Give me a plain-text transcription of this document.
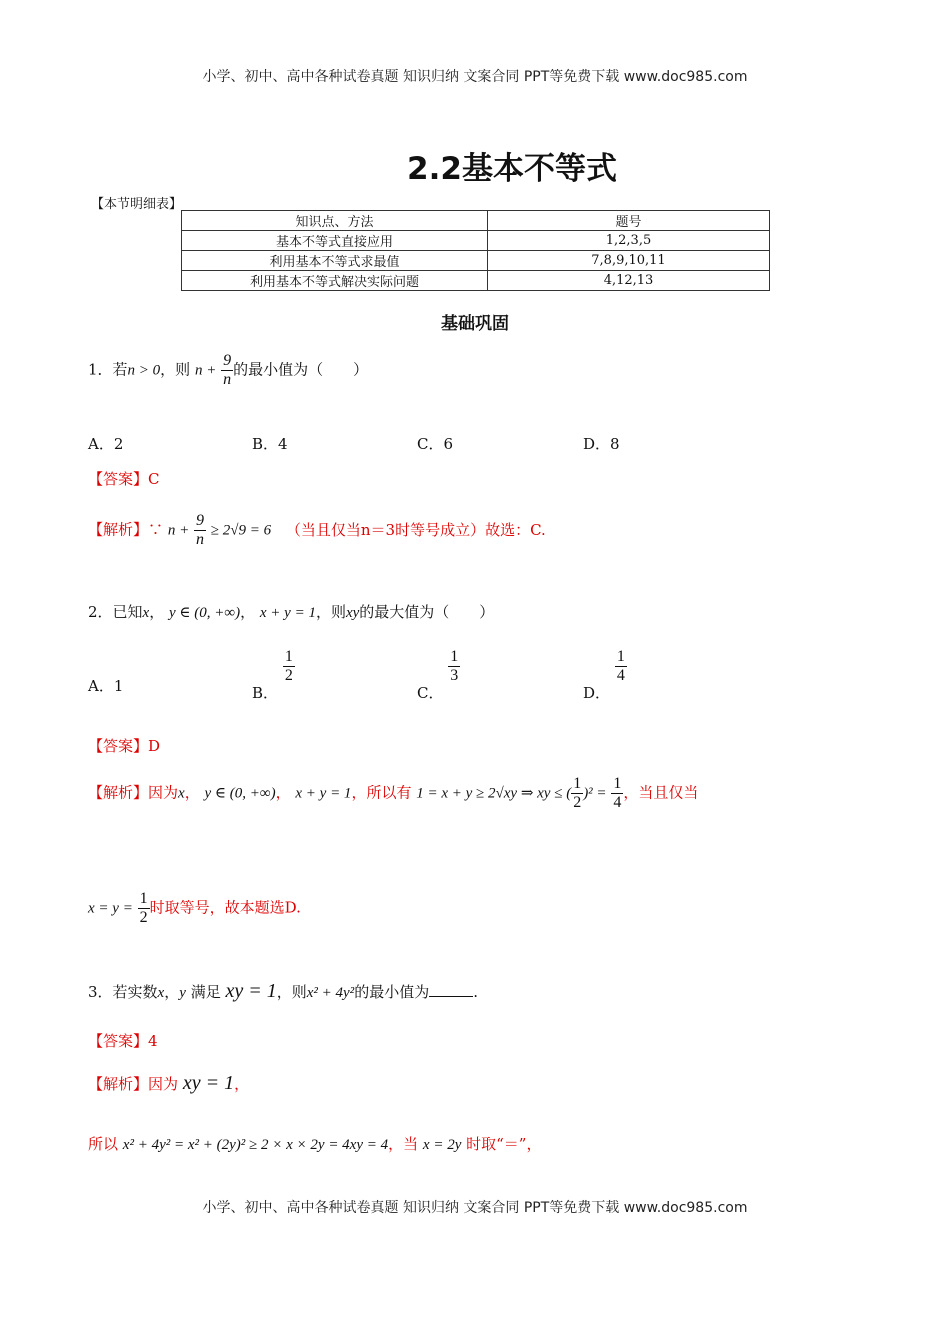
小学、初中、高中各种试卷真题 知识归纳 文案合同 PPT等免费下载 www.doc985.com
2.2基本不等式
【本节明细表】
知识点、方法	题号
基本不等式直接应用	1,2,3,5
利用基本不等式求最值	7,8,9,10,11
利用基本不等式解决实际问题	4,12,13
基础巩固
1．若n > 0，则 $n + \frac{9}{n}$ 的最小值为（　　）
A．2	B．4	C．6	D．8
【答案】C
【解析】∵ $n + \frac{9}{n} \ge 2√9 = 6$ （当且仅当n＝3时等号成立）故选：C.
2．已知x， y ∈ (0, +∞)， x + y = 1，则xy的最大值为（　　）
A．1	B．
$\frac{1}{2}$
C．
$\frac{1}{3}$
D．
$\frac{1}{4}$
【答案】D
【解析】因为x， y ∈ (0, +∞)， x + y = 1，所以有 1 = x + y ≥ 2√xy ⇒ xy ≤ ( $\frac{1}{2} )^2 = \frac{1}{4}$ ，当且仅当
$x = y = \frac{1}{2}$ 时取等号，故本题选D.
3．若实数x，y 满足 xy = 1，则x² + 4y²的最小值为	.
【答案】4
【解析】因为 xy = 1，
所以 x² + 4y² = x² + (2y)² ≥ 2 × x × 2y = 4xy = 4，当 x = 2y 时取“＝”，
小学、初中、高中各种试卷真题 知识归纳 文案合同 PPT等免费下载 www.doc985.com
